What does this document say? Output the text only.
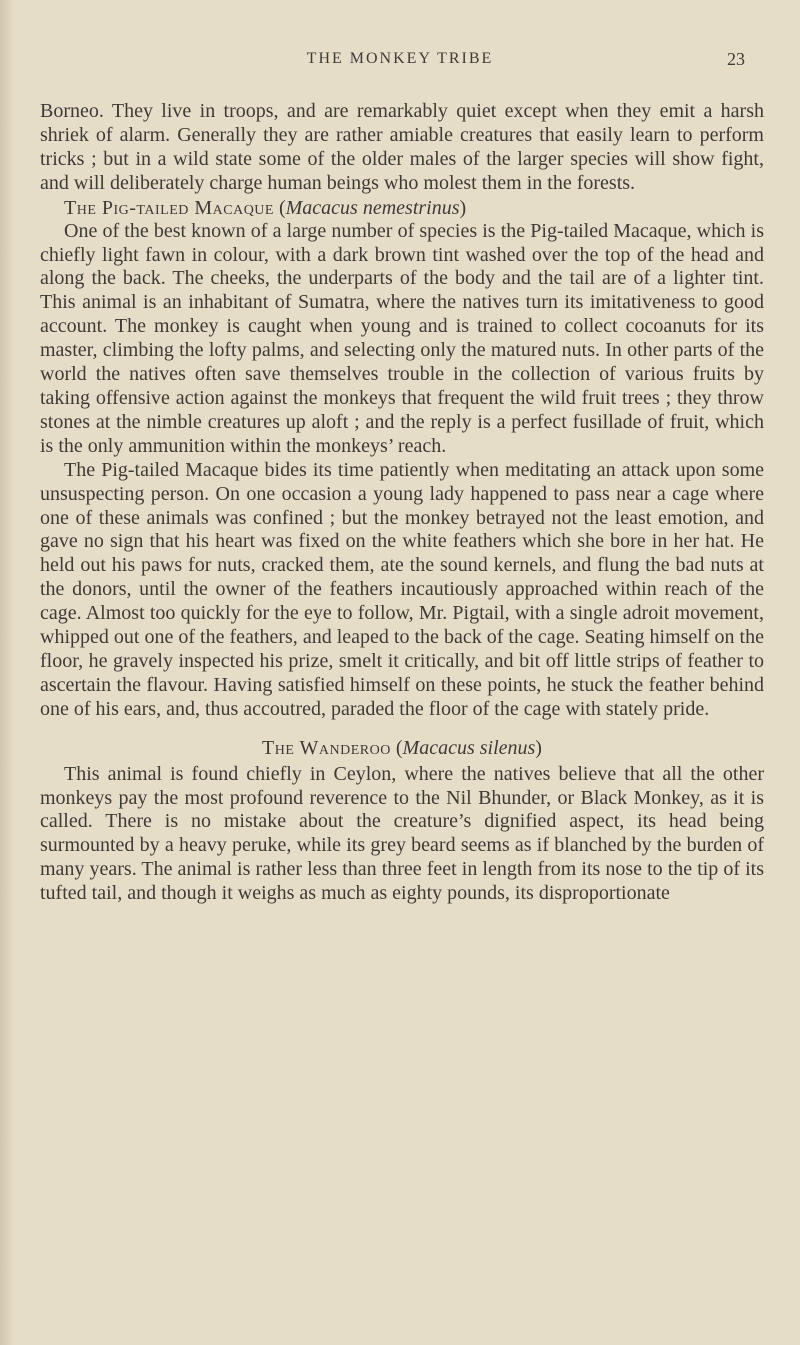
THE MONKEY TRIBE	23

Borneo. They live in troops, and are remarkably quiet except when they emit a harsh shriek of alarm. Generally they are rather amiable creatures that easily learn to perform tricks ; but in a wild state some of the older males of the larger species will show fight, and will deliberately charge human beings who molest them in the forests.

The Pig-tailed Macaque (Macacus nemestrinus)

One of the best known of a large number of species is the Pig-tailed Macaque, which is chiefly light fawn in colour, with a dark brown tint washed over the top of the head and along the back. The cheeks, the underparts of the body and the tail are of a lighter tint. This animal is an inhabitant of Sumatra, where the natives turn its imitativeness to good account. The monkey is caught when young and is trained to collect cocoanuts for its master, climbing the lofty palms, and selecting only the matured nuts. In other parts of the world the natives often save themselves trouble in the collection of various fruits by taking offensive action against the monkeys that frequent the wild fruit trees ; they throw stones at the nimble creatures up aloft ; and the reply is a perfect fusillade of fruit, which is the only ammunition within the monkeys’ reach.

The Pig-tailed Macaque bides its time patiently when meditating an attack upon some unsuspecting person. On one occasion a young lady happened to pass near a cage where one of these animals was confined ; but the monkey betrayed not the least emotion, and gave no sign that his heart was fixed on the white feathers which she bore in her hat. He held out his paws for nuts, cracked them, ate the sound kernels, and flung the bad nuts at the donors, until the owner of the feathers incautiously approached within reach of the cage. Almost too quickly for the eye to follow, Mr. Pigtail, with a single adroit movement, whipped out one of the feathers, and leaped to the back of the cage. Seating himself on the floor, he gravely inspected his prize, smelt it critically, and bit off little strips of feather to ascertain the flavour. Having satisfied himself on these points, he stuck the feather behind one of his ears, and, thus accoutred, paraded the floor of the cage with stately pride.

The Wanderoo (Macacus silenus)

This animal is found chiefly in Ceylon, where the natives believe that all the other monkeys pay the most profound reverence to the Nil Bhunder, or Black Monkey, as it is called. There is no mistake about the creature’s dignified aspect, its head being surmounted by a heavy peruke, while its grey beard seems as if blanched by the burden of many years. The animal is rather less than three feet in length from its nose to the tip of its tufted tail, and though it weighs as much as eighty pounds, its disproportionate
